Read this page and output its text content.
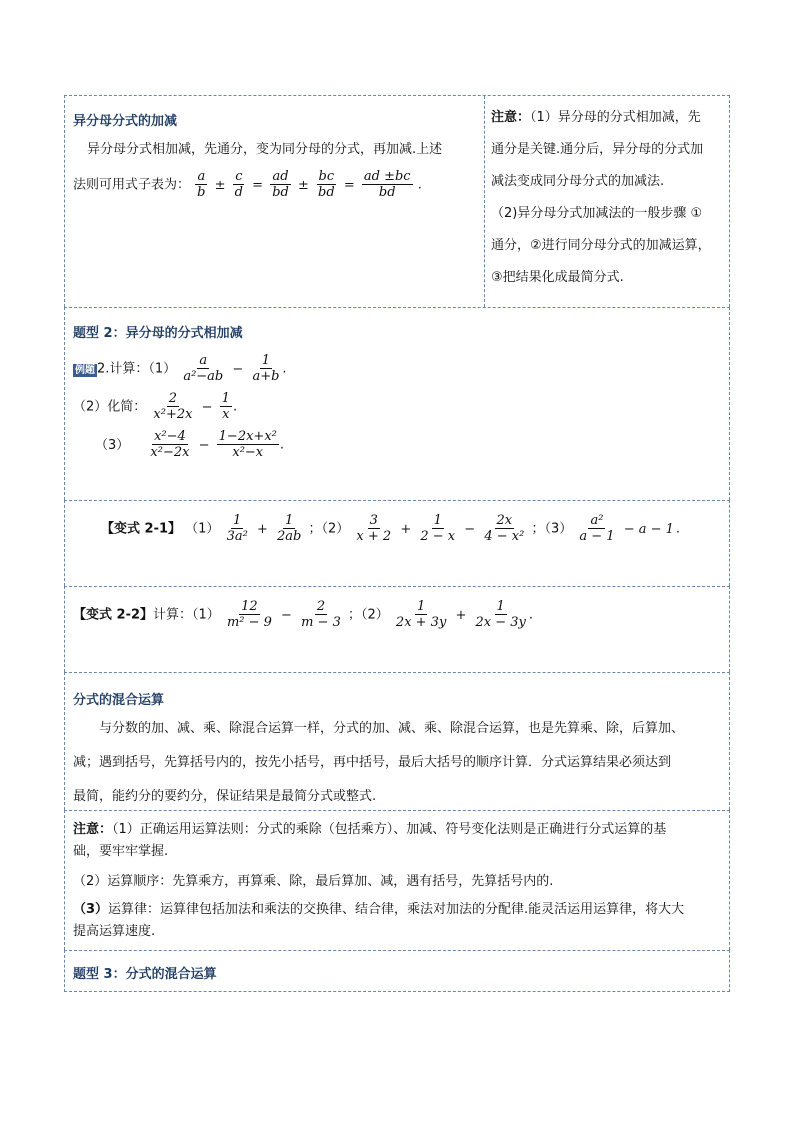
异分母分式的加减
异分母分式相加减，先通分，变为同分母的分式，再加减.上述
法则可用式子表为： $\frac{a}{b} \pm \frac{c}{d} = \frac{ad}{bd} \pm \frac{bc}{bd} = \frac{ad \pm bc}{bd}$ .
注意：（1）异分母的分式相加减，先
通分是关键.通分后，异分母的分式加
减法变成同分母分式的加减法.
（2)异分母分式加减法的一般步骤 ①
通分，②进行同分母分式的加减运算，
③把结果化成最简分式.
题型 2：异分母的分式相加减
例题 2.计算：$(1) \frac{a}{\text{a²−ab}} - \frac{1}{a+b}$ .
（2）化简： $\frac{2}{\text{x²+2x}} - \frac{1}{x}$ .
$(3) \frac{\text{x²−4}}{\text{x²−2x}} - \frac{\text{1−2x+x²}}{\text{x²−x}}$ .
【变式 2-1】 $(1) \frac{1}{\text{3a²}} + \frac{1}{2ab}$ ；$(2) \frac{3}{x + 2} + \frac{1}{2 - x} - \frac{2x}{\text{4 − x²}}$ ；$(3) \frac{\text{a²}}{a - 1} - a - 1$ .
【变式 2-2】计算：$(1) \frac{12}{\text{m² − 9}} - \frac{2}{m - 3}$ ；$(2) \frac{1}{2x + 3y} + \frac{1}{2x - 3y}$ .
分式的混合运算
与分数的加、减、乘、除混合运算一样，分式的加、减、乘、除混合运算，也是先算乘、除，后算加、
减；遇到括号，先算括号内的，按先小括号，再中括号，最后大括号的顺序计算．分式运算结果必须达到
最简，能约分的要约分，保证结果是最简分式或整式.
注意：（1）正确运用运算法则：分式的乘除（包括乘方）、加减、符号变化法则是正确进行分式运算的基
础，要牢牢掌握.
（2）运算顺序：先算乘方，再算乘、除，最后算加、减，遇有括号，先算括号内的.
（3）运算律：运算律包括加法和乘法的交换律、结合律，乘法对加法的分配律.能灵活运用运算律，将大大
提高运算速度.
题型 3：分式的混合运算
